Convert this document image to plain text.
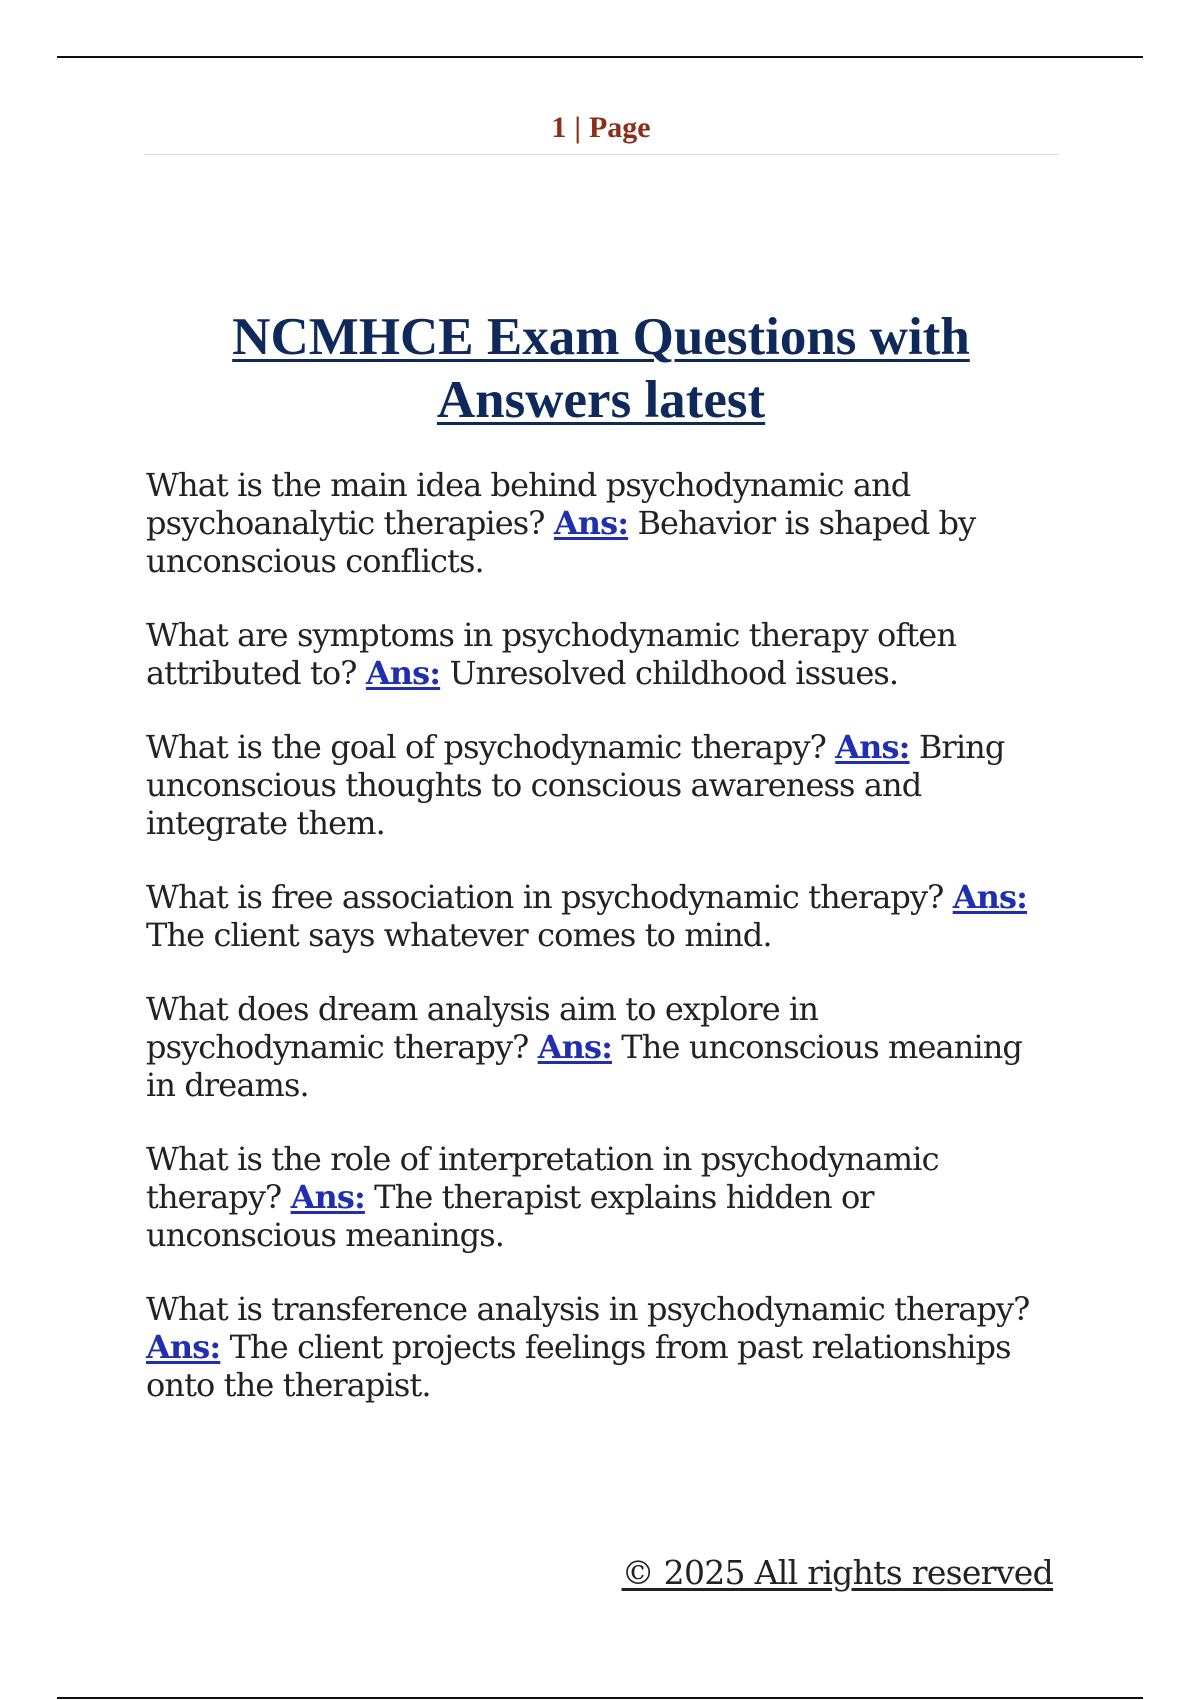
1 | Page
NCMHCE Exam Questions with
Answers latest

What is the main idea behind psychodynamic and
psychoanalytic therapies? Ans: Behavior is shaped by
unconscious conflicts.

What are symptoms in psychodynamic therapy often
attributed to? Ans: Unresolved childhood issues.

What is the goal of psychodynamic therapy? Ans: Bring
unconscious thoughts to conscious awareness and
integrate them.

What is free association in psychodynamic therapy? Ans:
The client says whatever comes to mind.

What does dream analysis aim to explore in
psychodynamic therapy? Ans: The unconscious meaning
in dreams.

What is the role of interpretation in psychodynamic
therapy? Ans: The therapist explains hidden or
unconscious meanings.

What is transference analysis in psychodynamic therapy?
Ans: The client projects feelings from past relationships
onto the therapist.

© 2025 All rights reserved
